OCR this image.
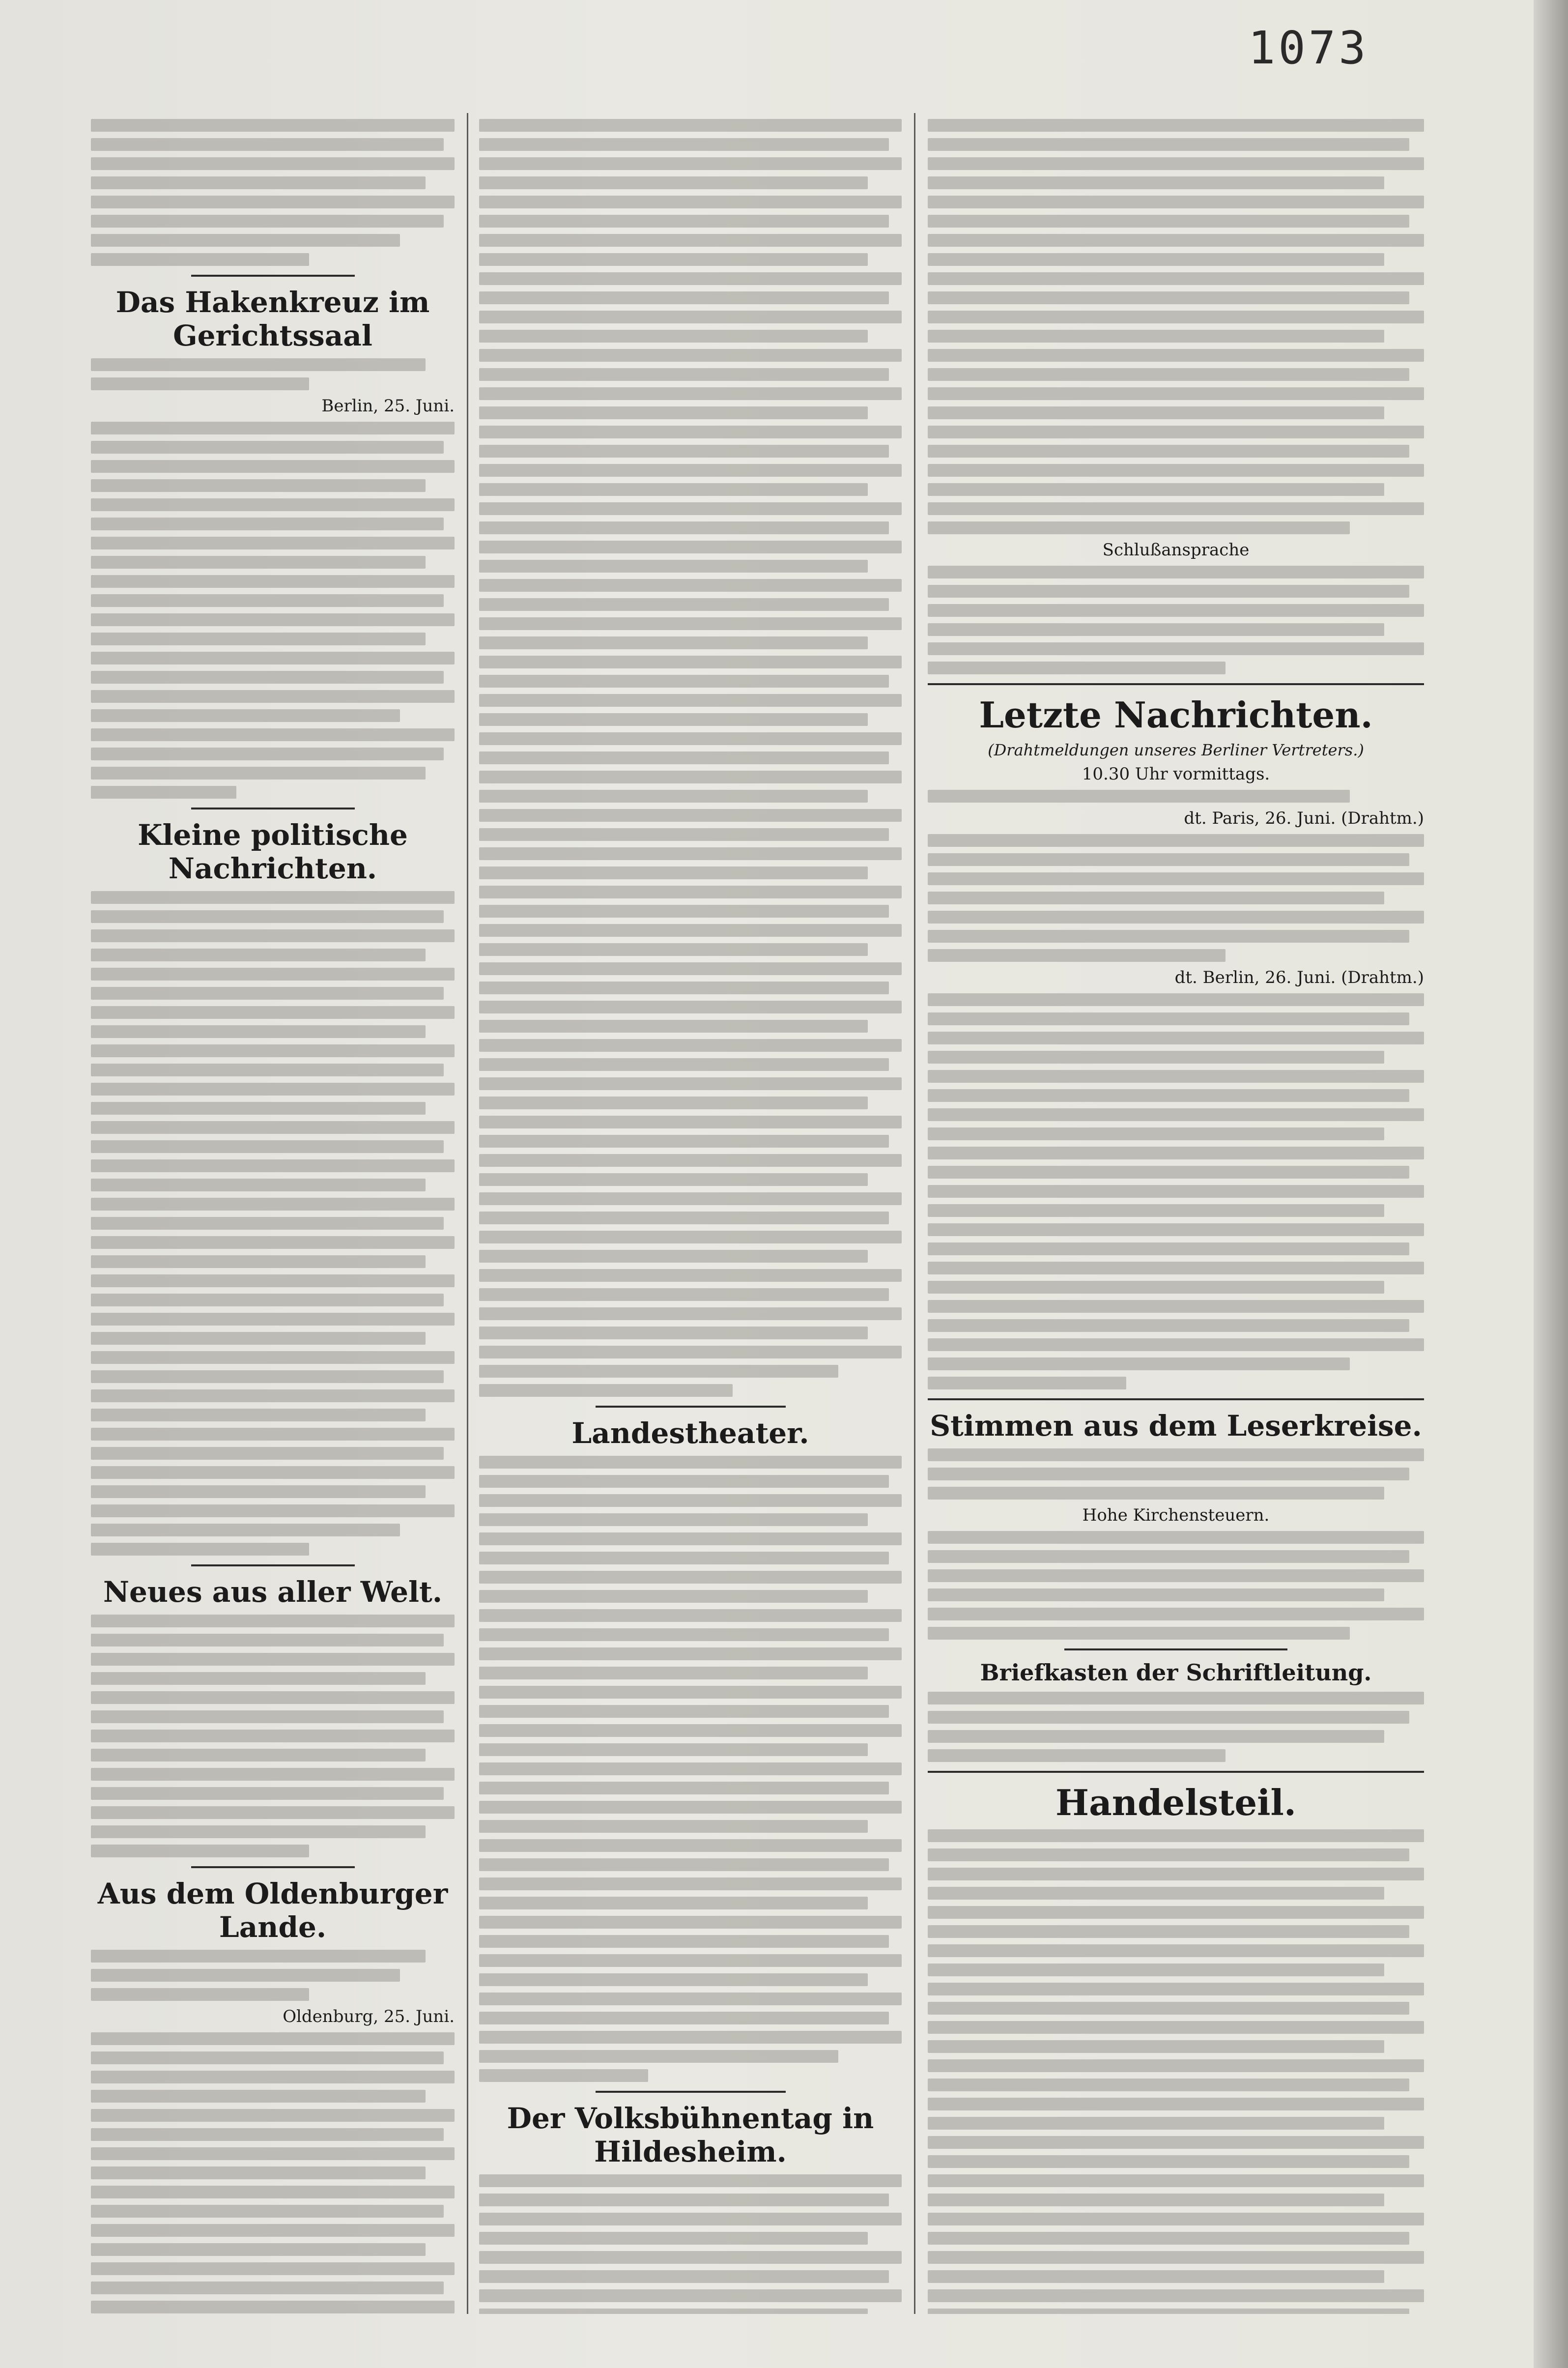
1073
Das Hakenkreuz im Gerichtssaal
Berlin, 25. Juni.
Kleine politische Nachrichten.
Neues aus aller Welt.
Aus dem Oldenburger Lande.
Oldenburg, 25. Juni.
Landestheater.
Der Volksbühnentag in Hildesheim.
Schlußansprache
Letzte Nachrichten.
(Drahtmeldungen unseres Berliner Vertreters.)
10.30 Uhr vormittags.
dt. Paris, 26. Juni. (Drahtm.)
dt. Berlin, 26. Juni. (Drahtm.)
Stimmen aus dem Leserkreise.
Hohe Kirchensteuern.
Briefkasten der Schriftleitung.
Handelsteil.
